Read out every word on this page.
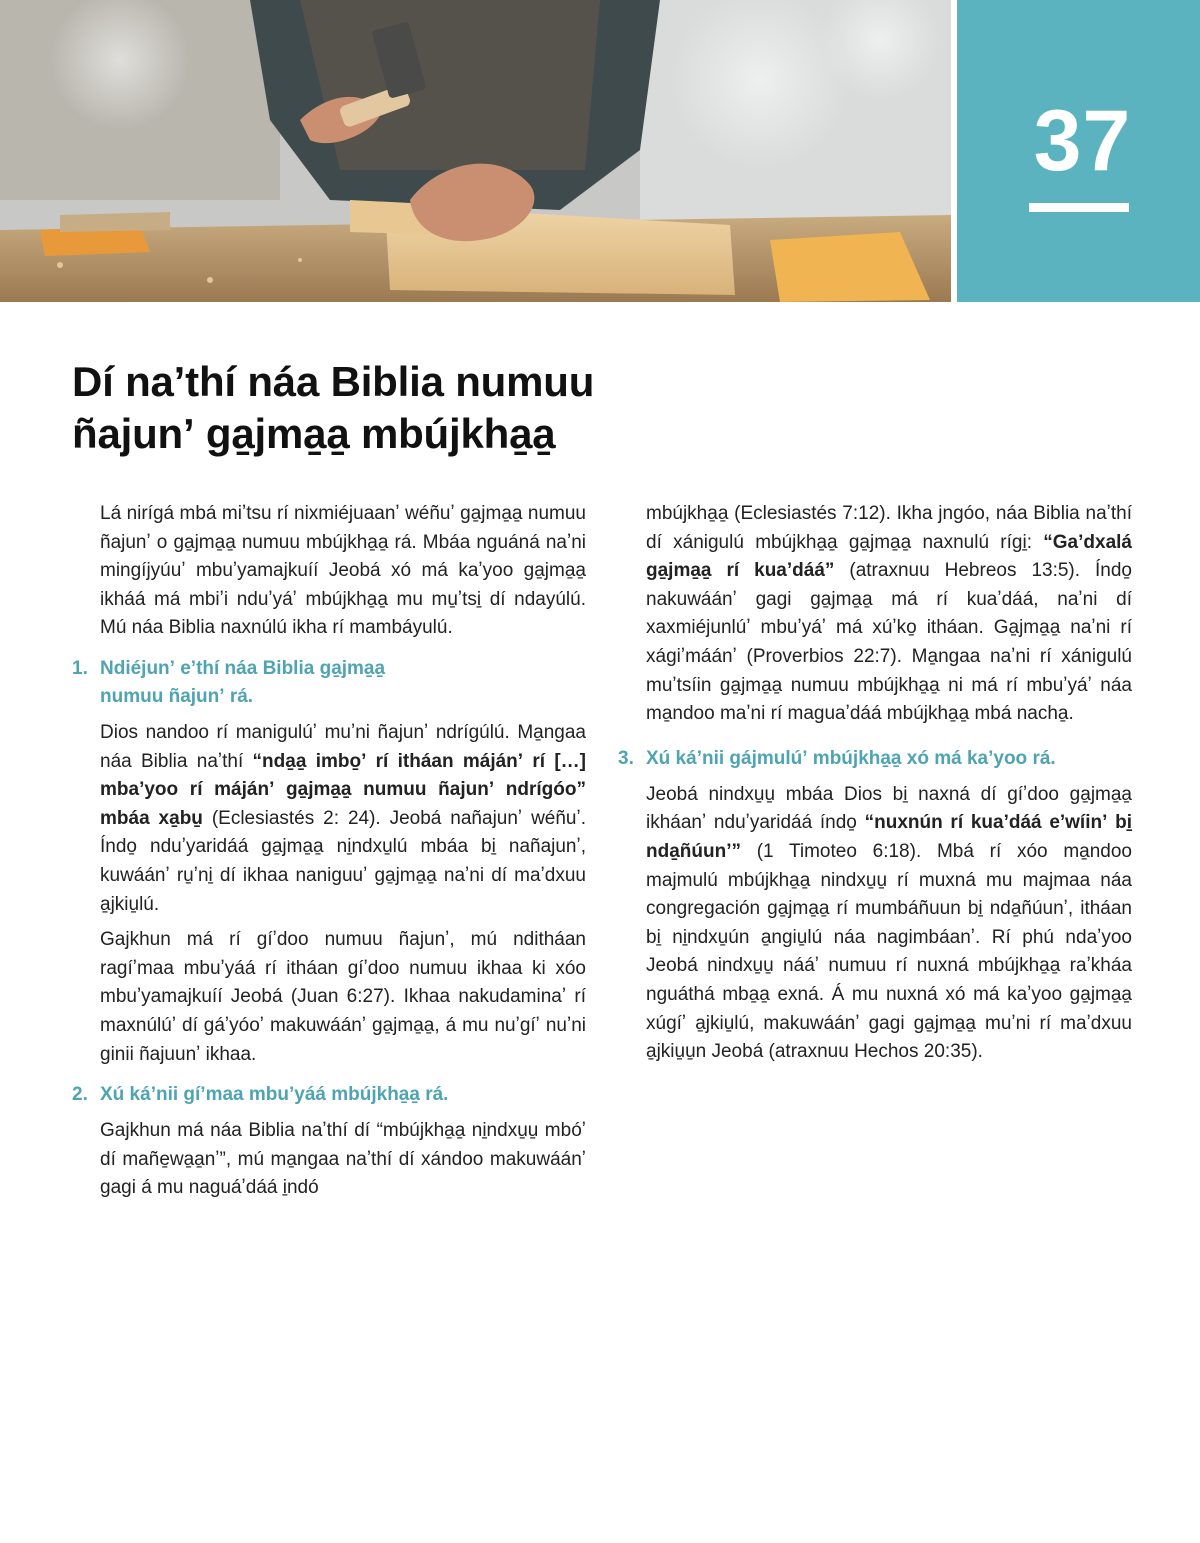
37
Dí naʼthí náa Biblia numuu
ñajunʼ ga̱jma̱a̱ mbújkha̱a̱

Lá nirígá mbá miʼtsu rí nixmiéjuaanʼ wéñuʼ ga̱jma̱a̱ numuu ñajunʼ o ga̱jma̱a̱ numuu mbújkha̱a̱ rá. Mbáa nguáná naʼni mingíjyúuʼ mbuʼyamajkuíí Jeobá xó má kaʼyoo ga̱jma̱a̱ ikháá má mbiʼi nduʼyáʼ mbújkha̱a̱ mu mu̱ʼtsi̱ dí ndayúlú. Mú náa Biblia naxnúlú ikha rí mambáyulú.

1. Ndiéjunʼ eʼthí náa Biblia ga̱jma̱a̱
numuu ñajunʼ rá.

Dios nandoo rí manigulúʼ muʼni ñajunʼ ndrígúlú. Ma̱ngaa náa Biblia naʼthí “nda̱a̱ imbo̱ʼ rí itháan májánʼ rí […] mbaʼyoo rí májánʼ ga̱jma̱a̱ numuu ñajunʼ ndrígóo” mbáa xa̱bu̱ (Eclesiastés 2: 24). Jeobá nañajunʼ wéñuʼ. Índo̱ nduʼyaridáá ga̱jma̱a̱ ni̱ndxu̱lú mbáa bi̱ nañajunʼ, kuwáánʼ ru̱ʼni̱ dí ikhaa naniguuʼ ga̱jma̱a̱ naʼni dí maʼdxuu a̱jkiu̱lú.

Gajkhun má rí gíʼdoo numuu ñajunʼ, mú nditháan ragíʼmaa mbuʼyáá rí itháan gíʼdoo numuu ikhaa ki xóo mbuʼyamajkuíí Jeobá (Juan 6:27). Ikhaa nakudaminaʼ rí maxnúlúʼ dí gáʼyóoʼ makuwáánʼ ga̱jma̱a̱, á mu nuʼgíʼ nuʼni ginii ñajuunʼ ikhaa.

2. Xú káʼnii gíʼmaa mbuʼyáá mbújkha̱a̱ rá.

Gajkhun má náa Biblia naʼthí dí “mbújkha̱a̱ ni̱ndxu̱u̱ mbóʼ dí mañe̱wa̱a̱nʼ”, mú ma̱ngaa naʼthí dí xándoo makuwáánʼ gagi á mu naguáʼdáá i̱ndó

mbújkha̱a̱ (Eclesiastés 7:12). Ikha jngóo, náa Biblia naʼthí dí xánigulú mbújkha̱a̱ ga̱jma̱a̱ naxnulú rígi̱: “Gaʼdxalá ga̱jma̱a̱ rí kuaʼdáá” (atraxnuu Hebreos 13:5). Índo̱ nakuwáánʼ gagi ga̱jma̱a̱ má rí kuaʼdáá, naʼni dí xaxmiéjunlúʼ mbuʼyáʼ má xúʼko̱ itháan. Ga̱jma̱a̱ naʼni rí xágiʼmáánʼ (Proverbios 22:7). Ma̱ngaa naʼni rí xánigulú muʼtsíin ga̱jma̱a̱ numuu mbújkha̱a̱ ni má rí mbuʼyáʼ náa ma̱ndoo maʼni rí maguaʼdáá mbújkha̱a̱ mbá nacha̱.

3. Xú káʼnii gájmulúʼ mbújkha̱a̱ xó má kaʼyoo rá.

Jeobá nindxu̱u̱ mbáa Dios bi̱ naxná dí gíʼdoo ga̱jma̱a̱ ikháanʼ nduʼyaridáá índo̱ “nuxnún rí kuaʼdáá eʼwíinʼ bi̱ nda̱ñúunʼ” (1 Timoteo 6:18). Mbá rí xóo ma̱ndoo majmulú mbújkha̱a̱ nindxu̱u̱ rí muxná mu majmaa náa congregación ga̱jma̱a̱ rí mumbáñuun bi̱ nda̱ñúunʼ, itháan bi̱ ni̱ndxu̱ún a̱ngiu̱lú náa nagimbáanʼ. Rí phú ndaʼyoo Jeobá nindxu̱u̱ nááʼ numuu rí nuxná mbújkha̱a̱ raʼkháa nguáthá mba̱a̱ exná. Á mu nuxná xó má kaʼyoo ga̱jma̱a̱ xúgíʼ a̱jkiu̱lú, makuwáánʼ gagi ga̱jma̱a̱ muʼni rí maʼdxuu a̱jkiu̱u̱n Jeobá (atraxnuu Hechos 20:35).
